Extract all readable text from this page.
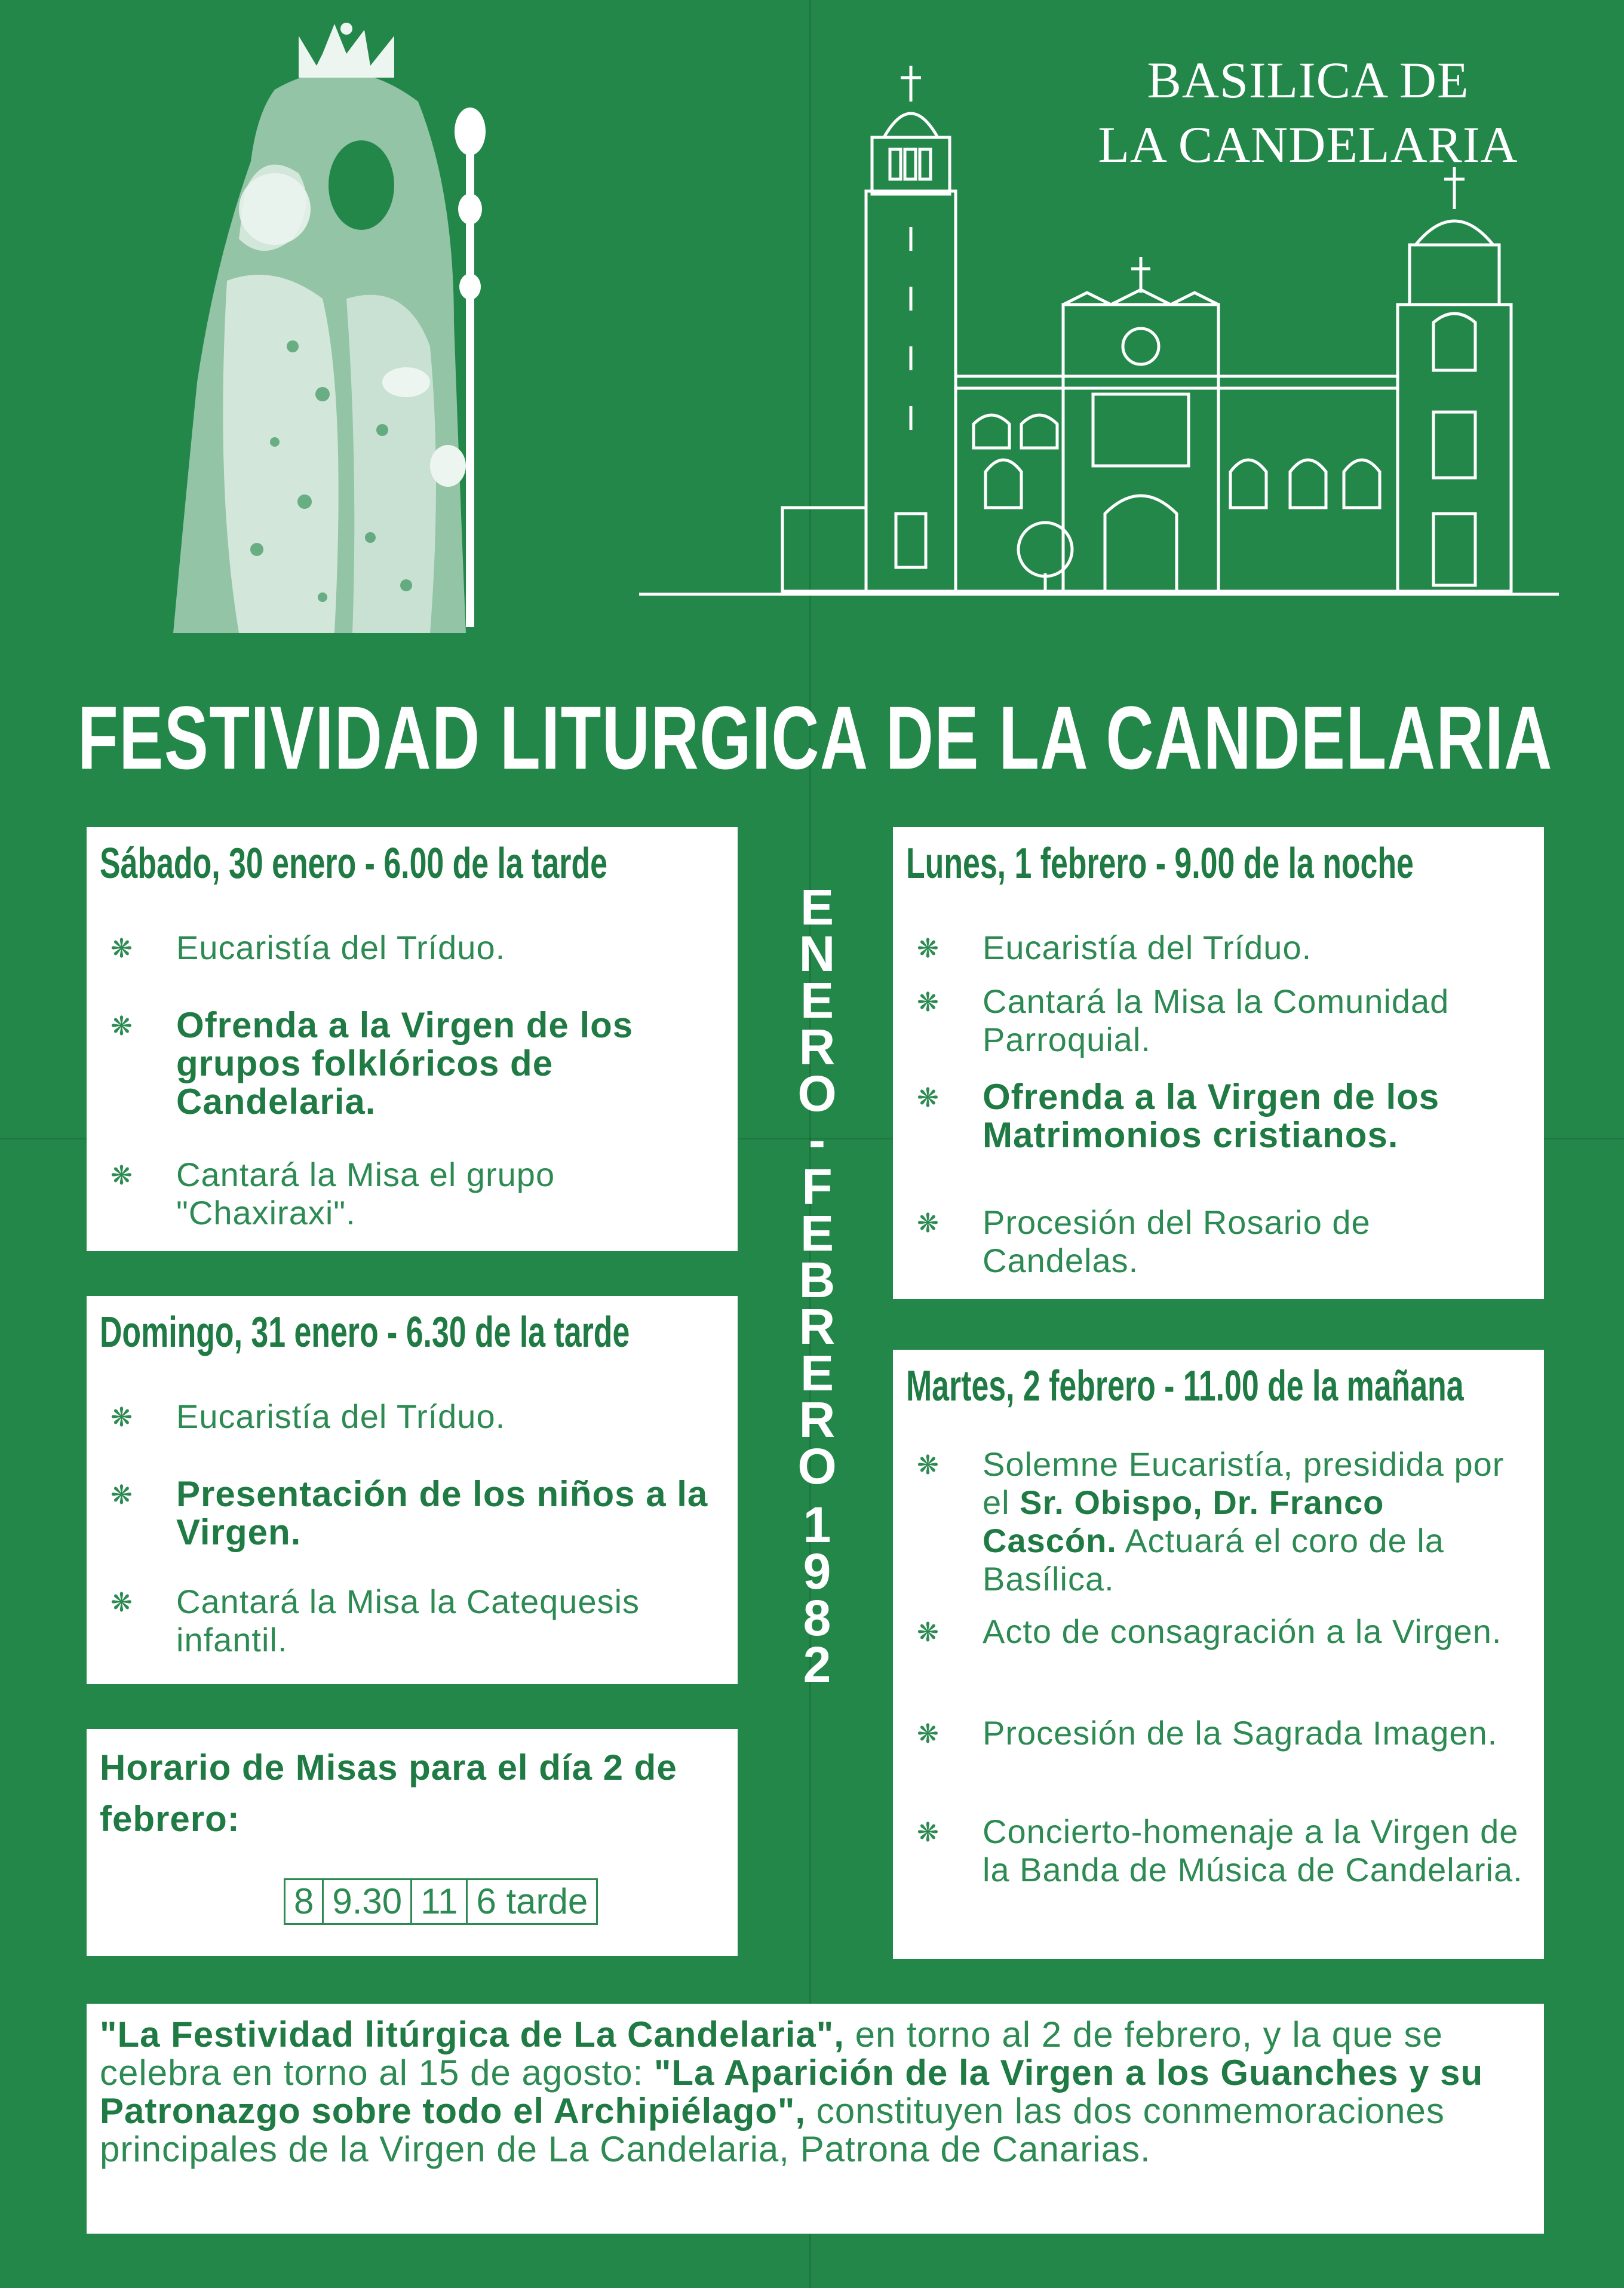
BASILICA DE
LA CANDELARIA
FESTIVIDAD LITURGICA DE LA CANDELARIA
Sábado, 30 enero - 6.00 de la tarde
❋ Eucaristía del Tríduo.
❋ Ofrenda a la Virgen de los grupos folklóricos de Candelaria.
❋ Cantará la Misa el grupo "Chaxiraxi".
Domingo, 31 enero - 6.30 de la tarde
❋ Eucaristía del Tríduo.
❋ Presentación de los niños a la Virgen.
❋ Cantará la Misa la Catequesis infantil.
Horario de Misas para el día 2 de febrero:
8 9.30 11 6 tarde
E
N
E
R
O
-
F
E
B
R
E
R
O
1
9
8
2
Lunes, 1 febrero - 9.00 de la noche
❋ Eucaristía del Tríduo.
❋ Cantará la Misa la Comunidad Parroquial.
❋ Ofrenda a la Virgen de los Matrimonios cristianos.
❋ Procesión del Rosario de Candelas.
Martes, 2 febrero - 11.00 de la mañana
❋ Solemne Eucaristía, presidida por el Sr. Obispo, Dr. Franco Cascón. Actuará el coro de la Basílica.
❋ Acto de consagración a la Virgen.
❋ Procesión de la Sagrada Imagen.
❋ Concierto-homenaje a la Virgen de la Banda de Música de Candelaria.
"La Festividad litúrgica de La Candelaria", en torno al 2 de febrero, y la que se celebra en torno al 15 de agosto: "La Aparición de la Virgen a los Guanches y su Patronazgo sobre todo el Archipiélago", constituyen las dos conmemoraciones principales de la Virgen de La Candelaria, Patrona de Canarias.
